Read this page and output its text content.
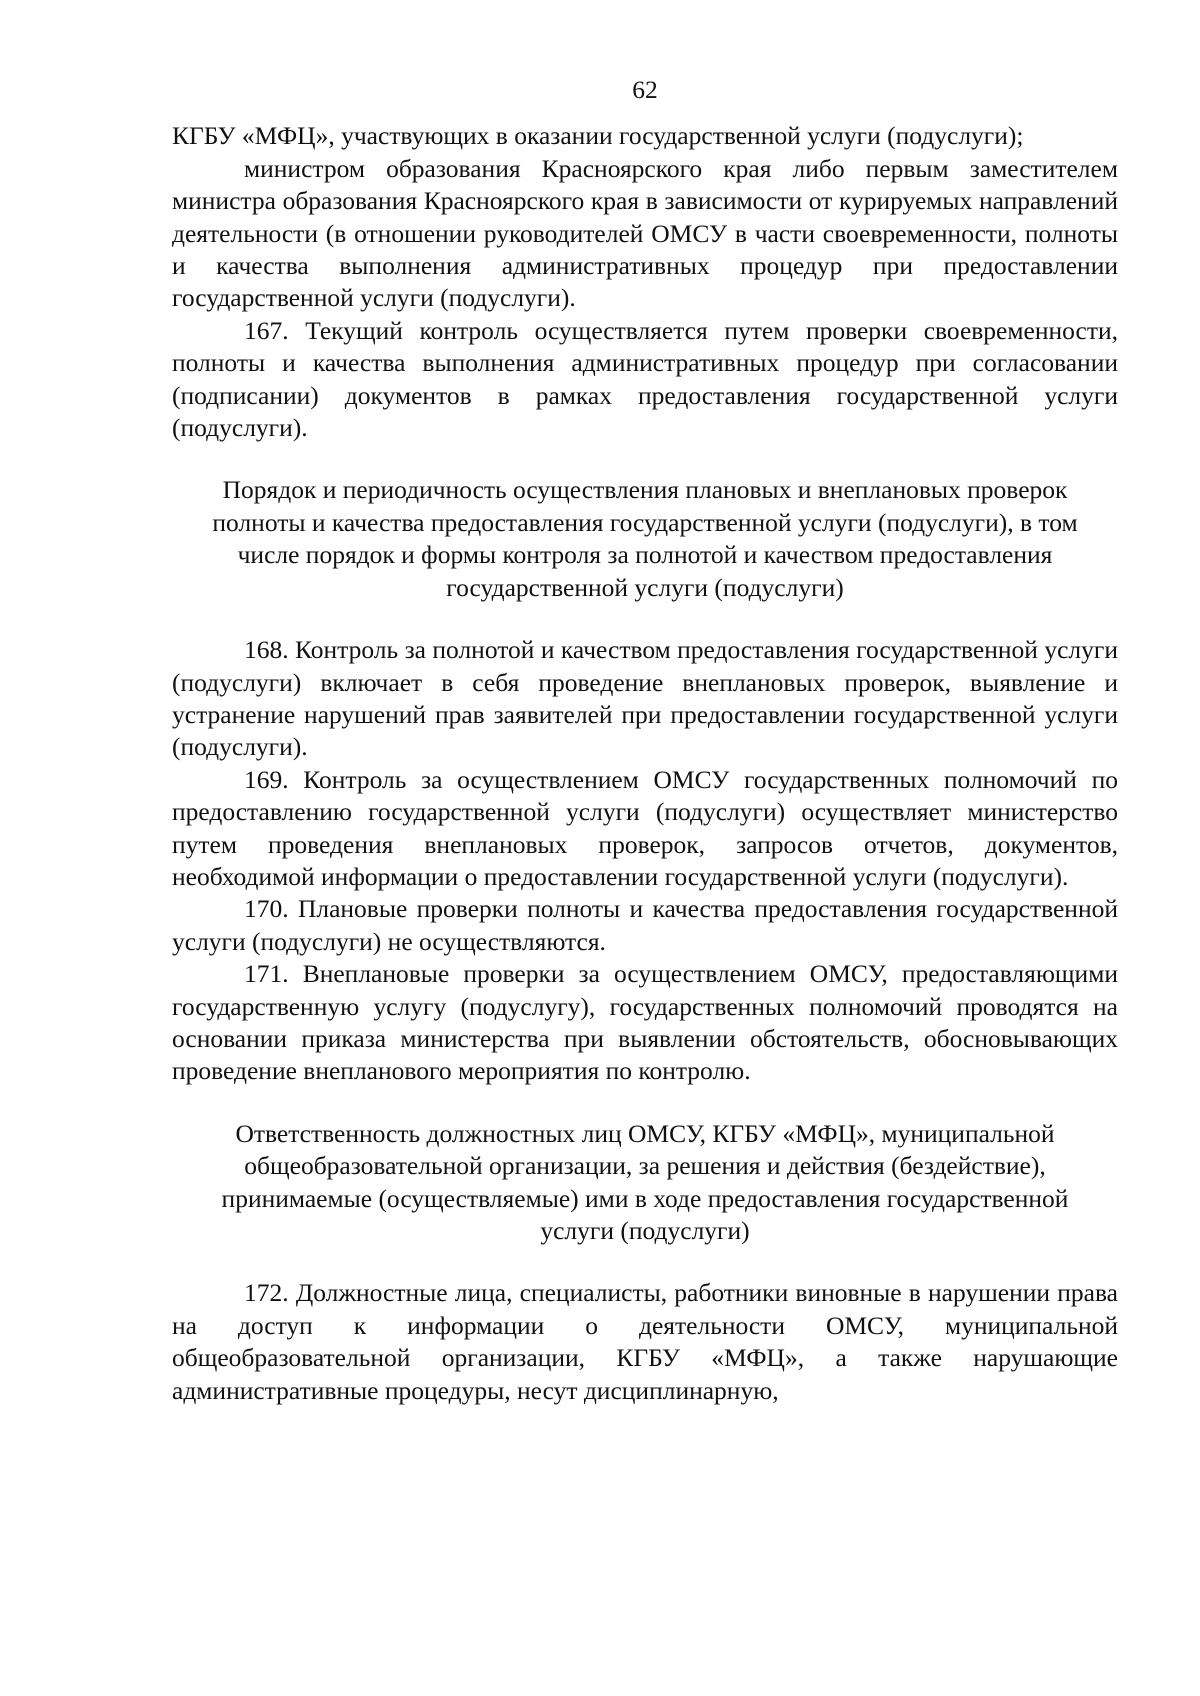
62

КГБУ «МФЦ», участвующих в оказании государственной услуги (подуслуги);

министром образования Красноярского края либо первым заместителем министра образования Красноярского края в зависимости от курируемых направлений деятельности (в отношении руководителей ОМСУ в части своевременности, полноты и качества выполнения административных процедур при предоставлении государственной услуги (подуслуги).

167. Текущий контроль осуществляется путем проверки своевременности, полноты и качества выполнения административных процедур при согласовании (подписании) документов в рамках предоставления государственной услуги (подуслуги).

Порядок и периодичность осуществления плановых и внеплановых проверок полноты и качества предоставления государственной услуги (подуслуги), в том числе порядок и формы контроля за полнотой и качеством предоставления государственной услуги (подуслуги)

168. Контроль за полнотой и качеством предоставления государственной услуги (подуслуги) включает в себя проведение внеплановых проверок, выявление и устранение нарушений прав заявителей при предоставлении государственной услуги (подуслуги).

169. Контроль за осуществлением ОМСУ государственных полномочий по предоставлению государственной услуги (подуслуги) осуществляет министерство путем проведения внеплановых проверок, запросов отчетов, документов, необходимой информации о предоставлении государственной услуги (подуслуги).

170. Плановые проверки полноты и качества предоставления государственной услуги (подуслуги) не осуществляются.

171. Внеплановые проверки за осуществлением ОМСУ, предоставляющими государственную услугу (подуслугу), государственных полномочий проводятся на основании приказа министерства при выявлении обстоятельств, обосновывающих проведение внепланового мероприятия по контролю.

Ответственность должностных лиц ОМСУ, КГБУ «МФЦ», муниципальной общеобразовательной организации, за решения и действия (бездействие), принимаемые (осуществляемые) ими в ходе предоставления государственной услуги (подуслуги)

172. Должностные лица, специалисты, работники виновные в нарушении права на доступ к информации о деятельности ОМСУ, муниципальной общеобразовательной организации, КГБУ «МФЦ», а также нарушающие административные процедуры, несут дисциплинарную,
